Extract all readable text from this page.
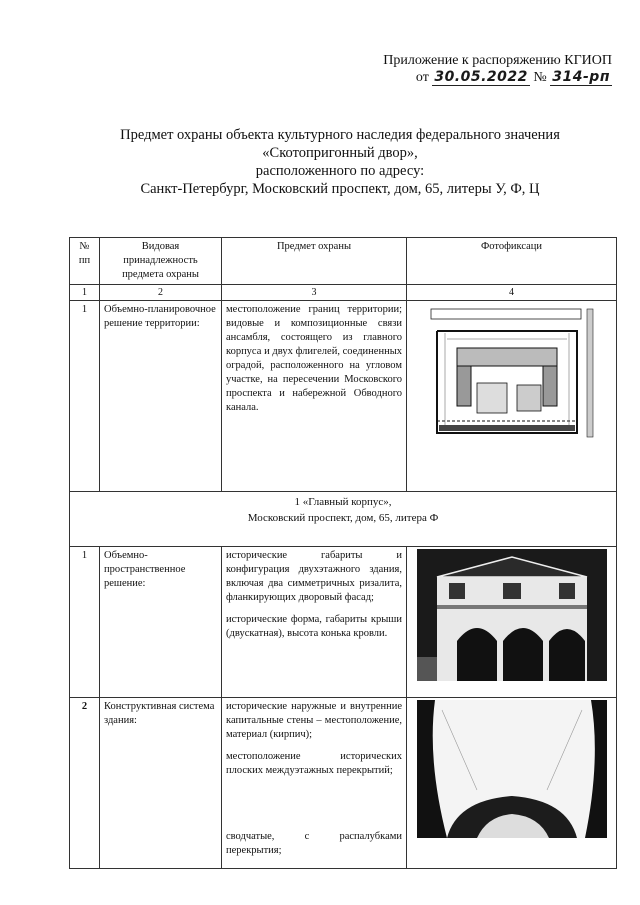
Приложение к распоряжению КГИОП
от 30.05.2022 № 314-рп
Предмет охраны объекта культурного наследия федерального значения
«Скотопригонный двор»,
расположенного по адресу:
Санкт-Петербург, Московский проспект, дом, 65, литеры У, Ф, Ц
№ пп	Видовая принадлежность предмета охраны	Предмет охраны	Фотофиксаци
1	2	3	4
1	Объемно-планировочное решение территории:	местоположение границ территории; видовые и композиционные связи ансамбля, состоящего из главного корпуса и двух флигелей, соединенных оградой, расположенного на угловом участке, на пересечении Московского проспекта и набережной Обводного канала.	

1 «Главный корпус»,
Московский проспект, дом, 65, литера Ф			

1	Объемно-пространственное решение:	исторические габариты и конфигурация двухэтажного здания, включая два симметричных ризалита, фланкирующих дворовый фасад;
исторические форма, габариты крыши (двускатная), высота конька кровли.

2	Конструктивная система здания:	исторические наружные и внутренние капитальные стены – местоположение, материал (кирпич);
местоположение исторических плоских междуэтажных перекрытий;
сводчатые, с распалубками перекрытия;
